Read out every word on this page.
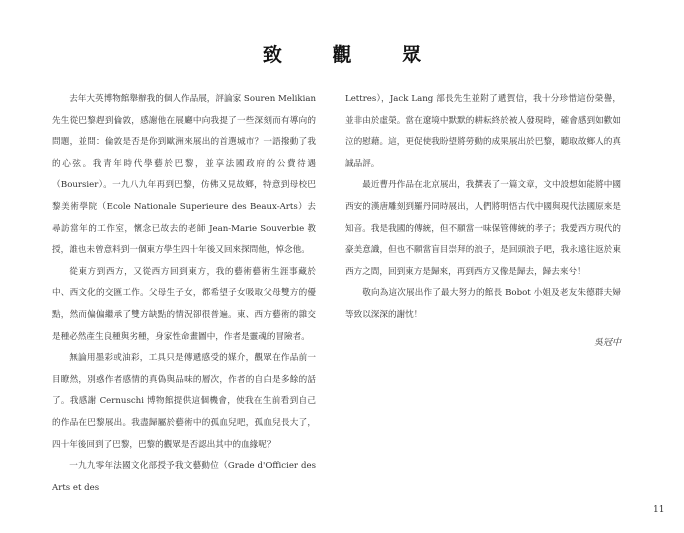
致 觀 眾

去年大英博物館舉辦我的個人作品展，評論家 Souren Melikian 先生從巴黎趕到倫敦，感謝他在展廳中向我提了一些深刻而有導向的問題，並問：倫敦是否是你到歐洲來展出的首選城市？一語撥動了我的心弦。我青年時代學藝於巴黎，並享法國政府的公費待遇（Boursier）。一九八九年再到巴黎，仿佛又見故鄉，特意到母校巴黎美術學院（Ecole Nationale Superieure des Beaux-Arts）去尋訪當年的工作室，懷念已故去的老師 Jean-Marie Souverbie 教授，誰也未曾意料到一個東方學生四十年後又回來探問他，悼念他。

從東方到西方，又從西方回到東方，我的藝術藝術生涯事藏於中、西文化的交匯工作。父母生子女，都希望子女吸取父母雙方的優點，然而偏偏繼承了雙方缺點的情況卻很普遍。東、西方藝術的雜交是種必然產生良種與劣種，身家性命畫圖中，作者是靈魂的冒險者。

無論用墨彩或油彩，工具只是傳遞感受的媒介，觀眾在作品前一目瞭然，別惑作者感情的真偽與品味的層次，作者的自白是多餘的話了。我感謝 Cernuschi 博物館提供這個機會，使我在生前看到自己的作品在巴黎展出。我盡歸屬於藝術中的孤血兒吧，孤血兒長大了，四十年後回到了巴黎，巴黎的觀眾是否認出其中的血緣呢？

一九九零年法國文化部授予我文藝動位（Grade d'Officier des Arts et des

Lettres），Jack Lang 部長先生並附了遞賀信，我十分珍惜這份榮譽，並非由於虛榮。當在遼境中默默的耕耘終於被人發現時，確會感到如歡如泣的慰藉。這，更促使我盼望將勞動的成果展出於巴黎，聽取故鄉人的真誠品評。

最近曹丹作品在北京展出，我撰表了一篇文章，文中設想如能將中國西安的漢唐雕刻到羅丹同時展出，人們將明悟古代中國與現代法國原來是知音。我是我國的傳統，但不願當一味保管傳統的孝子；我愛西方現代的豪美意識，但也不願當盲目崇拜的浪子，是回頭浪子吧，我永遠往返於東西方之間，回到東方是歸來，再到西方又像是歸去，歸去來兮！

敬向為這次展出作了最大努力的館長 Bobot 小姐及老友朱德群夫婦等致以深深的謝忱！

吳冠中
11
